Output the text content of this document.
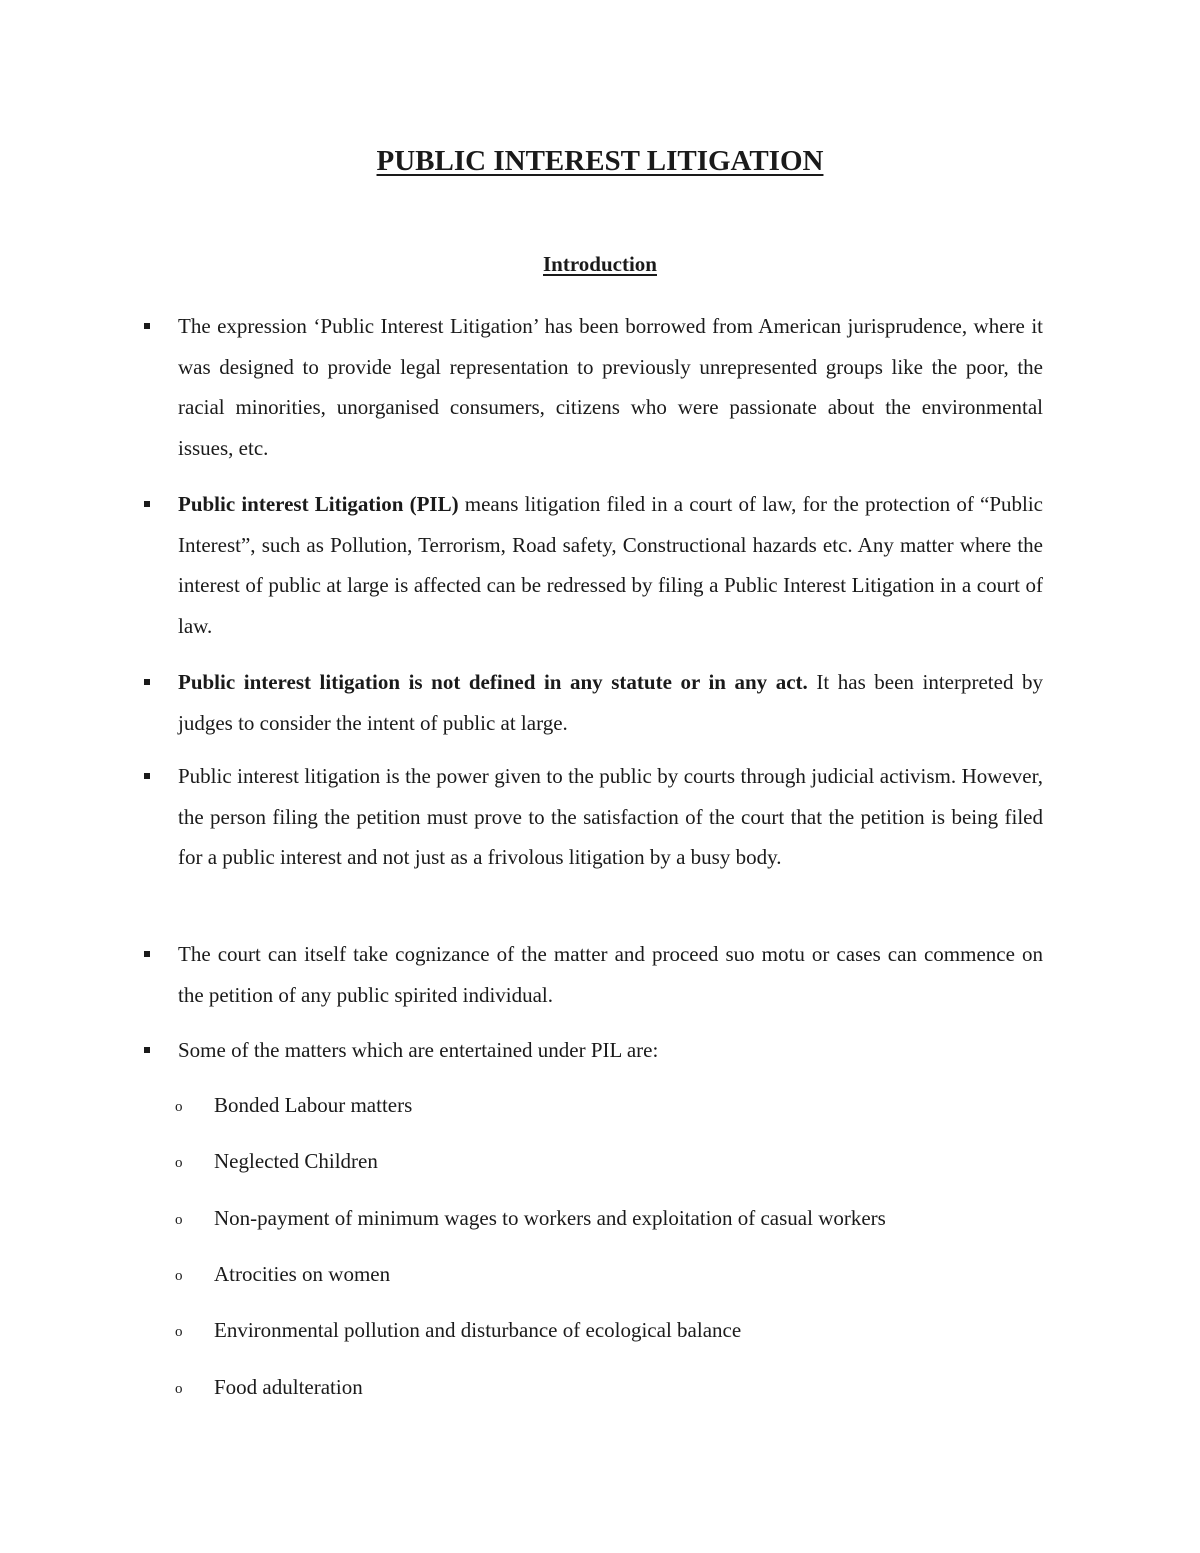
PUBLIC INTEREST LITIGATION
Introduction
The expression ‘Public Interest Litigation’ has been borrowed from American jurisprudence, where it was designed to provide legal representation to previously unrepresented groups like the poor, the racial minorities, unorganised consumers, citizens who were passionate about the environmental issues, etc.
Public interest Litigation (PIL) means litigation filed in a court of law, for the protection of “Public Interest”, such as Pollution, Terrorism, Road safety, Constructional hazards etc. Any matter where the interest of public at large is affected can be redressed by filing a Public Interest Litigation in a court of law.
Public interest litigation is not defined in any statute or in any act. It has been interpreted by judges to consider the intent of public at large.
Public interest litigation is the power given to the public by courts through judicial activism. However, the person filing the petition must prove to the satisfaction of the court that the petition is being filed for a public interest and not just as a frivolous litigation by a busy body.
The court can itself take cognizance of the matter and proceed suo motu or cases can commence on the petition of any public spirited individual.
Some of the matters which are entertained under PIL are:
o Bonded Labour matters
o Neglected Children
o Non-payment of minimum wages to workers and exploitation of casual workers
o Atrocities on women
o Environmental pollution and disturbance of ecological balance
o Food adulteration
